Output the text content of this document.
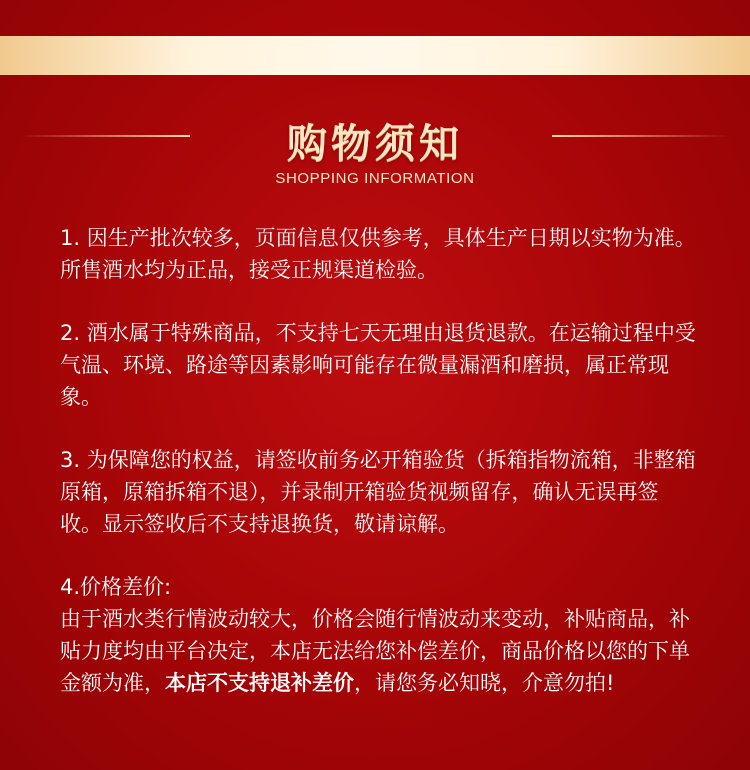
购物须知
SHOPPING INFORMATION

1. 因生产批次较多，页面信息仅供参考，具体生产日期以实物为准。所售酒水均为正品，接受正规渠道检验。

2. 酒水属于特殊商品，不支持七天无理由退货退款。在运输过程中受气温、环境、路途等因素影响可能存在微量漏酒和磨损，属正常现象。

3. 为保障您的权益，请签收前务必开箱验货（拆箱指物流箱，非整箱原箱，原箱拆箱不退），并录制开箱验货视频留存，确认无误再签收。显示签收后不支持退换货，敬请谅解。

4.价格差价:

由于酒水类行情波动较大，价格会随行情波动来变动，补贴商品，补贴力度均由平台决定，本店无法给您补偿差价，商品价格以您的下单金额为准，本店不支持退补差价，请您务必知晓，介意勿拍!
